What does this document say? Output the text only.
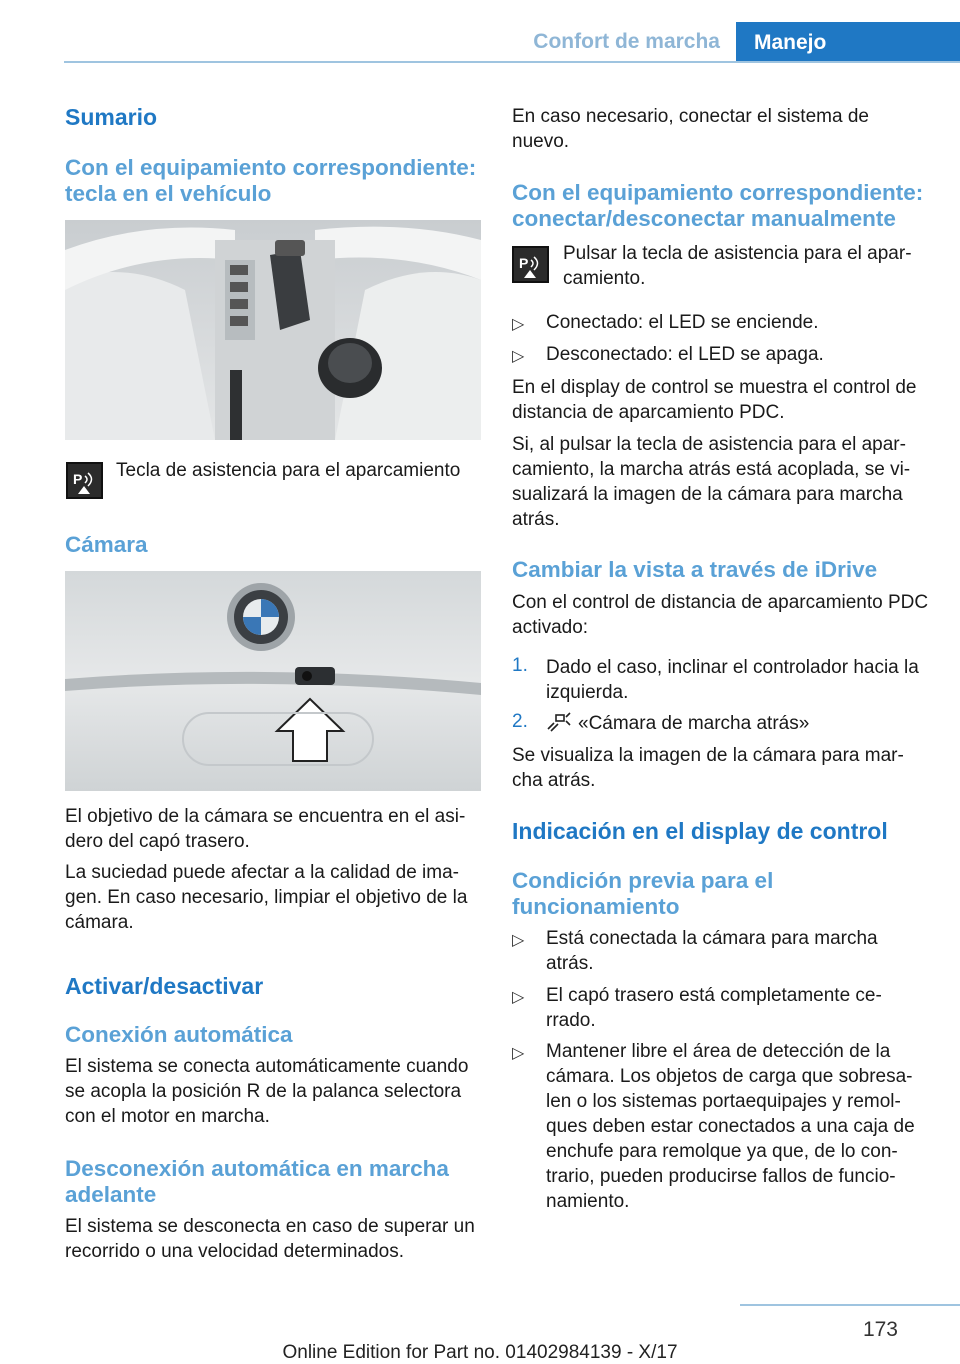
Confort de marcha	Manejo
Sumario
Con el equipamiento correspondiente: tecla en el vehículo
P Tecla de asistencia para el aparcamiento

Cámara

El objetivo de la cámara se encuentra en el asi‐ dero del capó trasero.

La suciedad puede afectar a la calidad de ima‐ gen. En caso necesario, limpiar el objetivo de la cámara.

Activar/desactivar
Conexión automática

El sistema se conecta automáticamente cuando se acopla la posición R de la palanca selectora con el motor en marcha.

Desconexión automática en marcha adelante

El sistema se desconecta en caso de superar un recorrido o una velocidad determinados.

En caso necesario, conectar el sistema de nuevo.

Con el equipamiento correspondiente: conectar/desconectar manualmente
P Pulsar la tecla de asistencia para el apar‐ camiento.

▷ Conectado: el LED se enciende.

▷ Desconectado: el LED se apaga.

En el display de control se muestra el control de distancia de aparcamiento PDC.

Si, al pulsar la tecla de asistencia para el apar‐ camiento, la marcha atrás está acoplada, se vi‐ sualizará la imagen de la cámara para marcha atrás.

Cambiar la vista a través de iDrive

Con el control de distancia de aparcamiento PDC activado:

1. Dado el caso, inclinar el controlador hacia la izquierda.

2.	«Cámara de marcha atrás»

Se visualiza la imagen de la cámara para mar‐ cha atrás.

Indicación en el display de control
Condición previa para el funcionamiento
▷ Está conectada la cámara para marcha atrás.

▷ El capó trasero está completamente ce‐ rrado.

▷ Mantener libre el área de detección de la cámara. Los objetos de carga que sobresa‐ len o los sistemas portaequipajes y remol‐ ques deben estar conectados a una caja de enchufe para remolque ya que, de lo con‐ trario, pueden producirse fallos de funcio‐ namiento.

173
Online Edition for Part no. 01402984139 - X/17
